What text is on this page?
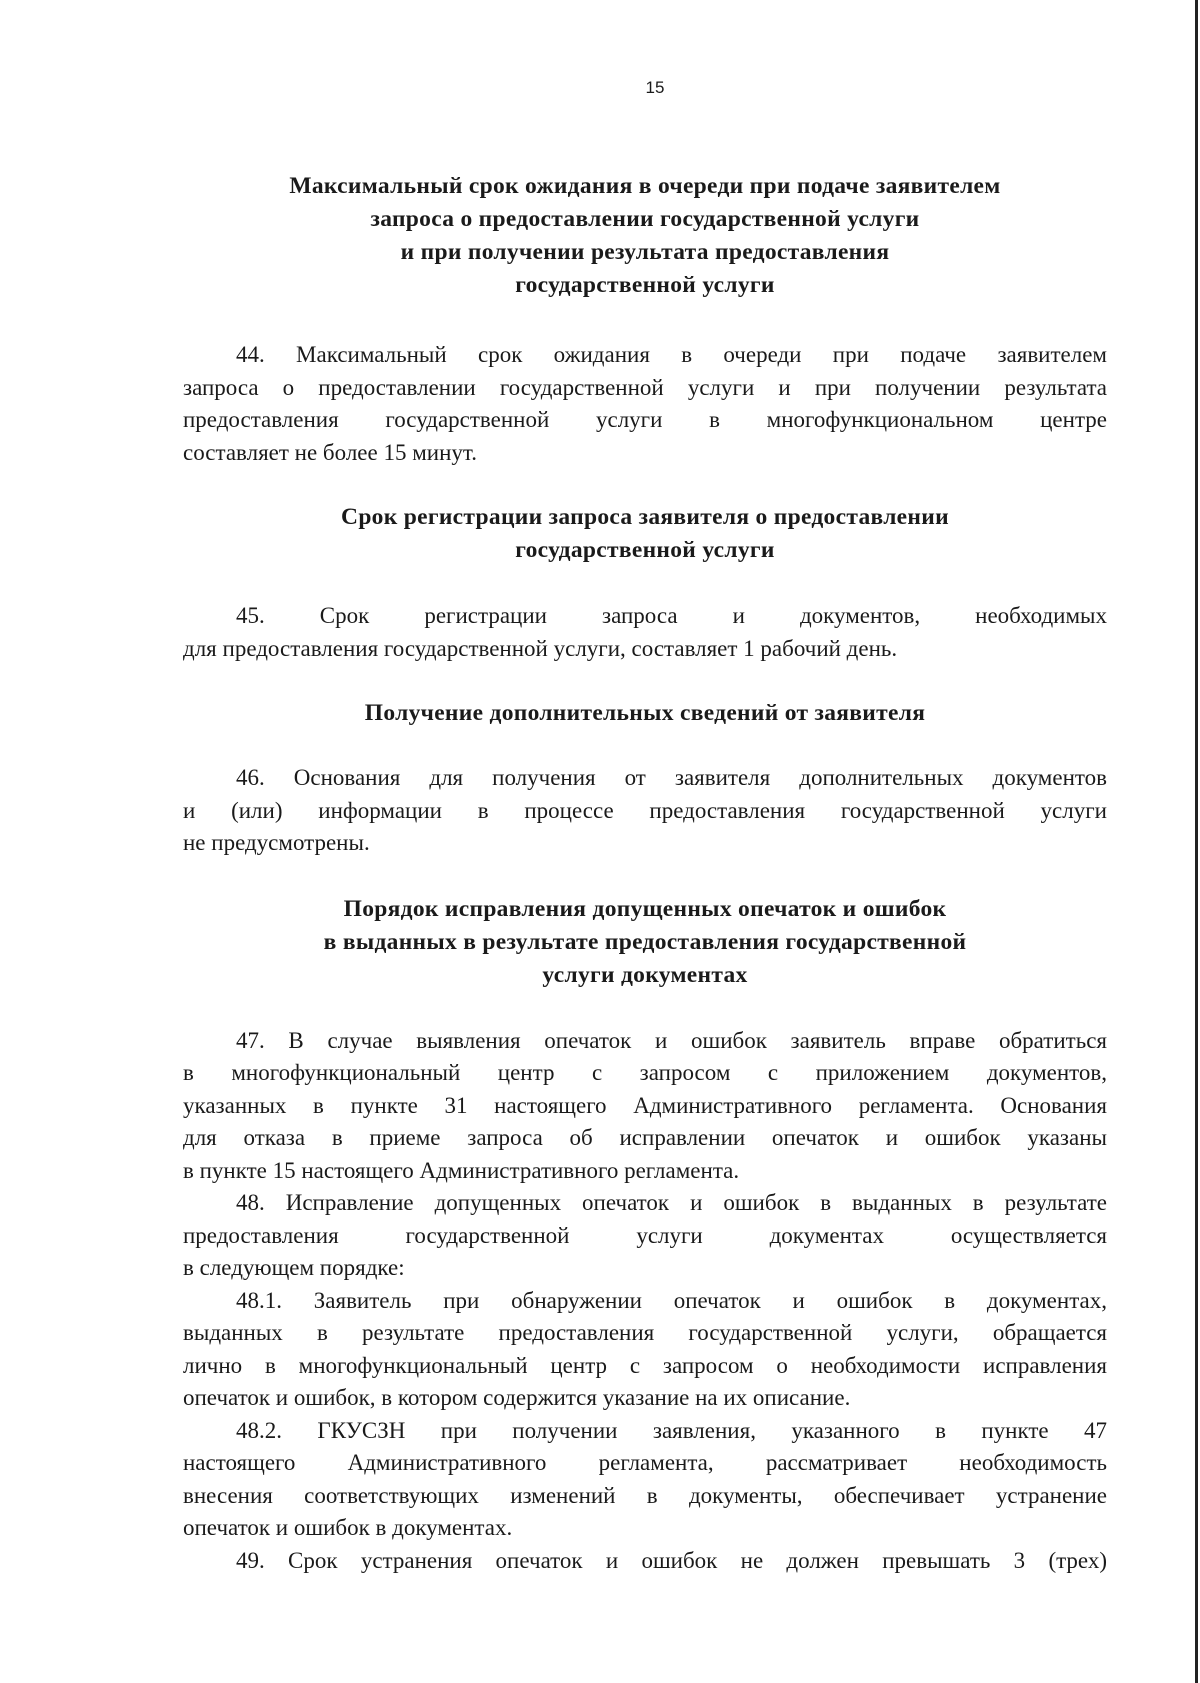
15
Максимальный срок ожидания в очереди при подаче заявителем
запроса о предоставлении государственной услуги
и при получении результата предоставления
государственной услуги
44. Максимальный срок ожидания в очереди при подаче заявителем
запроса о предоставлении государственной услуги и при получении результата
предоставления государственной услуги в многофункциональном центре
составляет не более 15 минут.
Срок регистрации запроса заявителя о предоставлении
государственной услуги
45. Срок регистрации запроса и документов, необходимых
для предоставления государственной услуги, составляет 1 рабочий день.
Получение дополнительных сведений от заявителя
46. Основания для получения от заявителя дополнительных документов
и (или) информации в процессе предоставления государственной услуги
не предусмотрены.
Порядок исправления допущенных опечаток и ошибок
в выданных в результате предоставления государственной
услуги документах
47. В случае выявления опечаток и ошибок заявитель вправе обратиться
в многофункциональный центр с запросом с приложением документов,
указанных в пункте 31 настоящего Административного регламента. Основания
для отказа в приеме запроса об исправлении опечаток и ошибок указаны
в пункте 15 настоящего Административного регламента.
48. Исправление допущенных опечаток и ошибок в выданных в результате
предоставления государственной услуги документах осуществляется
в следующем порядке:
48.1. Заявитель при обнаружении опечаток и ошибок в документах,
выданных в результате предоставления государственной услуги, обращается
лично в многофункциональный центр с запросом о необходимости исправления
опечаток и ошибок, в котором содержится указание на их описание.
48.2. ГКУСЗН при получении заявления, указанного в пункте 47
настоящего Административного регламента, рассматривает необходимость
внесения соответствующих изменений в документы, обеспечивает устранение
опечаток и ошибок в документах.
49. Срок устранения опечаток и ошибок не должен превышать 3 (трех)
